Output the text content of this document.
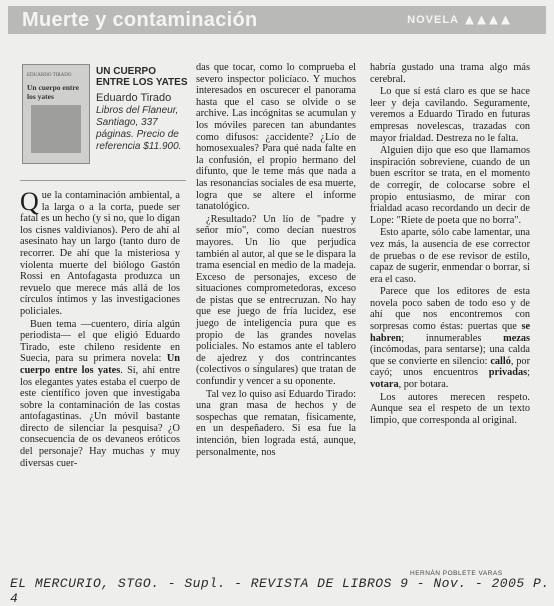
Muerte y contaminación	NOVELA
EDUARDO TIRADO
Un cuerpo entre los yates
UN CUERPO ENTRE LOS YATES
Eduardo Tirado
Libros del Flaneur, Santiago, 337 páginas. Precio de referencia $11.900.

Que la contaminación ambiental, a la larga o a la corta, puede ser fatal es un hecho (y si no, que lo digan los cisnes valdivianos). Pero de ahí al asesinato hay un largo (tanto duro de recorrer. De ahí que la misteriosa y violenta muerte del biólogo Gastón Rossi en Antofagasta produzca un revuelo que merece más allá de los círculos íntimos y las investigaciones policiales.

Buen tema —cuentero, diría algún periodista— el que eligió Eduardo Tirado, este chileno residente en Suecia, para su primera novela: Un cuerpo entre los yates. Sí, ahí entre los elegantes yates estaba el cuerpo de este científico joven que investigaba sobre la contaminación de las costas antofagastinas. ¿Un móvil bastante directo de silenciar la pesquisa? ¿O consecuencia de os devaneos eróticos del personaje? Hay muchas y muy diversas cuer-

das que tocar, como lo comprueba el severo inspector policíaco. Y muchos interesados en oscurecer el panorama hasta que el caso se olvide o se archive. Las incógnitas se acumulan y los móviles parecen tan abundantes como difusos: ¿accidente? ¿Lío de homosexuales? Para qué nada falte en la confusión, el propio hermano del difunto, que le teme más que nada a las resonancias sociales de esa muerte, logra que se altere el informe tanatológico.

¿Resultado? Un lío de "padre y señor mío", como decían nuestros mayores. Un lío que perjudica también al autor, al que se le dispara la trama esencial en medio de la madeja. Exceso de personajes, exceso de situaciones comprometedoras, exceso de pistas que se entrecruzan. No hay que ese juego de fría lucidez, ese juego de inteligencia pura que es propio de las grandes novelas policiales. No estamos ante el tablero de ajedrez y dos contrincantes (colectivos o singulares) que tratan de confundir y vencer a su oponente.

Tal vez lo quiso así Eduardo Tirado: una gran masa de hechos y de sospechas que rematan, físicamente, en un despeñadero. Si esa fue la intención, bien lograda está, aunque, personalmente, nos

habría gustado una trama algo más cerebral.

Lo que sí está claro es que se hace leer y deja cavilando. Seguramente, veremos a Eduardo Tirado en futuras empresas novelescas, trazadas con mayor frialdad. Destreza no le falta.

Alguien dijo que eso que llamamos inspiración sobreviene, cuando de un buen escritor se trata, en el momento de corregir, de colocarse sobre el propio entusiasmo, de mirar con frialdad acaso recordando un decir de Lope: "Riete de poeta que no borra".

Esto aparte, sólo cabe lamentar, una vez más, la ausencia de ese corrector de pruebas o de ese revisor de estilo, capaz de sugerir, enmendar o borrar, si era el caso.

Parece que los editores de esta novela poco saben de todo eso y de ahí que nos encontremos con sorpresas como éstas: puertas que se habren; innumerables mezas (incómodas, para sentarse); una calda que se convierte en silencio: calló, por cayó; unos encuentros privadas; votara, por botara.

Los autores merecen respeto. Aunque sea el respeto de un texto limpio, que corresponda al original.

HERNÁN POBLETE VARAS
EL MERCURIO, STGO. - Supl. - REVISTA DE LIBROS 9 - Nov. - 2005 P. 4
